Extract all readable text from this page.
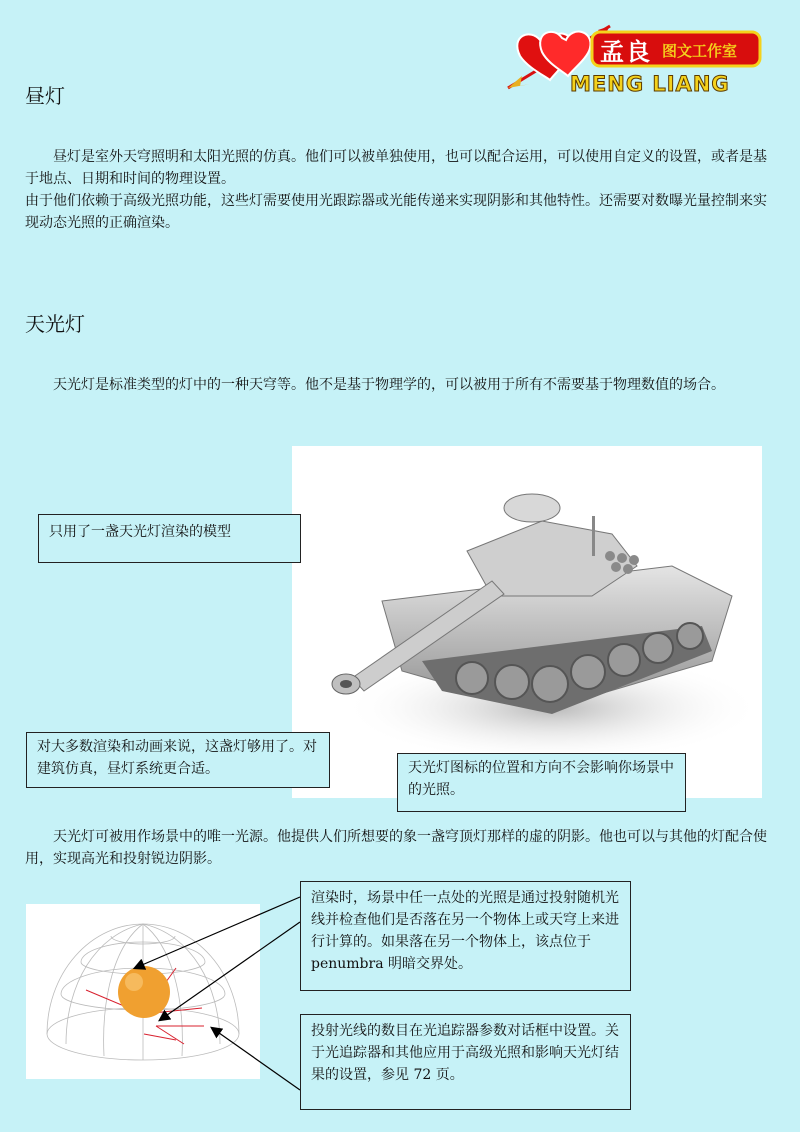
孟良 图文工作室
MENG LIANG
昼灯

昼灯是室外天穹照明和太阳光照的仿真。他们可以被单独使用，也可以配合运用，可以使用自定义的设置，或者是基于地点、日期和时间的物理设置。

由于他们依赖于高级光照功能，这些灯需要使用光跟踪器或光能传递来实现阴影和其他特性。还需要对数曝光量控制来实现动态光照的正确渲染。

天光灯

天光灯是标准类型的灯中的一种天穹等。他不是基于物理学的，可以被用于所有不需要基于物理数值的场合。

只用了一盏天光灯渲染的模型
对大多数渲染和动画来说，这盏灯够用了。对建筑仿真，昼灯系统更合适。	天光灯图标的位置和方向不会影响你场景中的光照。

天光灯可被用作场景中的唯一光源。他提供人们所想要的象一盏穹顶灯那样的虚的阴影。他也可以与其他的灯配合使用，实现高光和投射锐边阴影。

渲染时，场景中任一点处的光照是通过投射随机光线并检查他们是否落在另一个物体上或天穹上来进行计算的。如果落在另一个物体上，该点位于 penumbra 明暗交界处。
投射光线的数目在光追踪器参数对话框中设置。关于光追踪器和其他应用于高级光照和影响天光灯结果的设置，参见 72 页。
